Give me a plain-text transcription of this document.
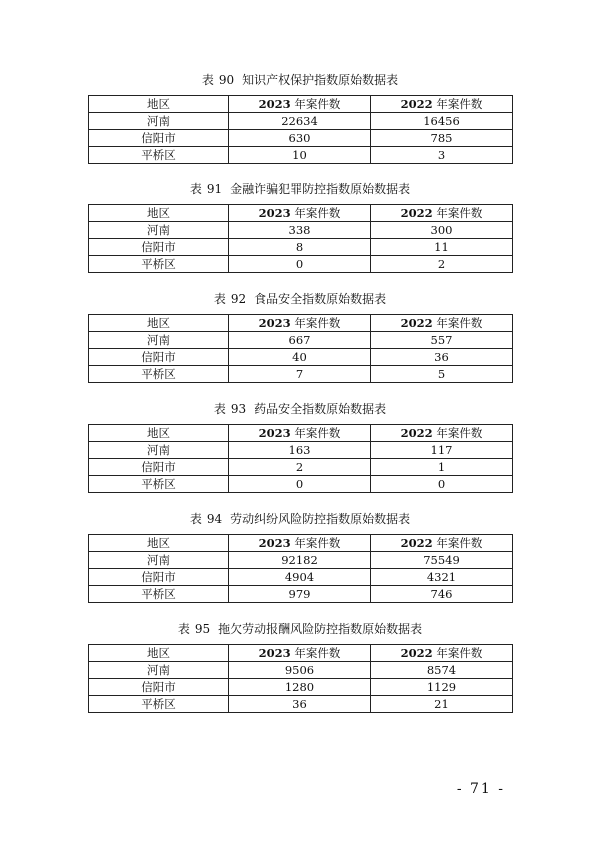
表 90 知识产权保护指数原始数据表
地区	2023 年案件数	2022 年案件数
河南	22634	16456
信阳市	630	785
平桥区	10	3
表 91 金融诈骗犯罪防控指数原始数据表
地区	2023 年案件数	2022 年案件数
河南	338	300
信阳市	8	11
平桥区	0	2
表 92 食品安全指数原始数据表
地区	2023 年案件数	2022 年案件数
河南	667	557
信阳市	40	36
平桥区	7	5
表 93 药品安全指数原始数据表
地区	2023 年案件数	2022 年案件数
河南	163	117
信阳市	2	1
平桥区	0	0
表 94 劳动纠纷风险防控指数原始数据表
地区	2023 年案件数	2022 年案件数
河南	92182	75549
信阳市	4904	4321
平桥区	979	746
表 95 拖欠劳动报酬风险防控指数原始数据表
地区	2023 年案件数	2022 年案件数
河南	9506	8574
信阳市	1280	1129
平桥区	36	21
- 71 -
